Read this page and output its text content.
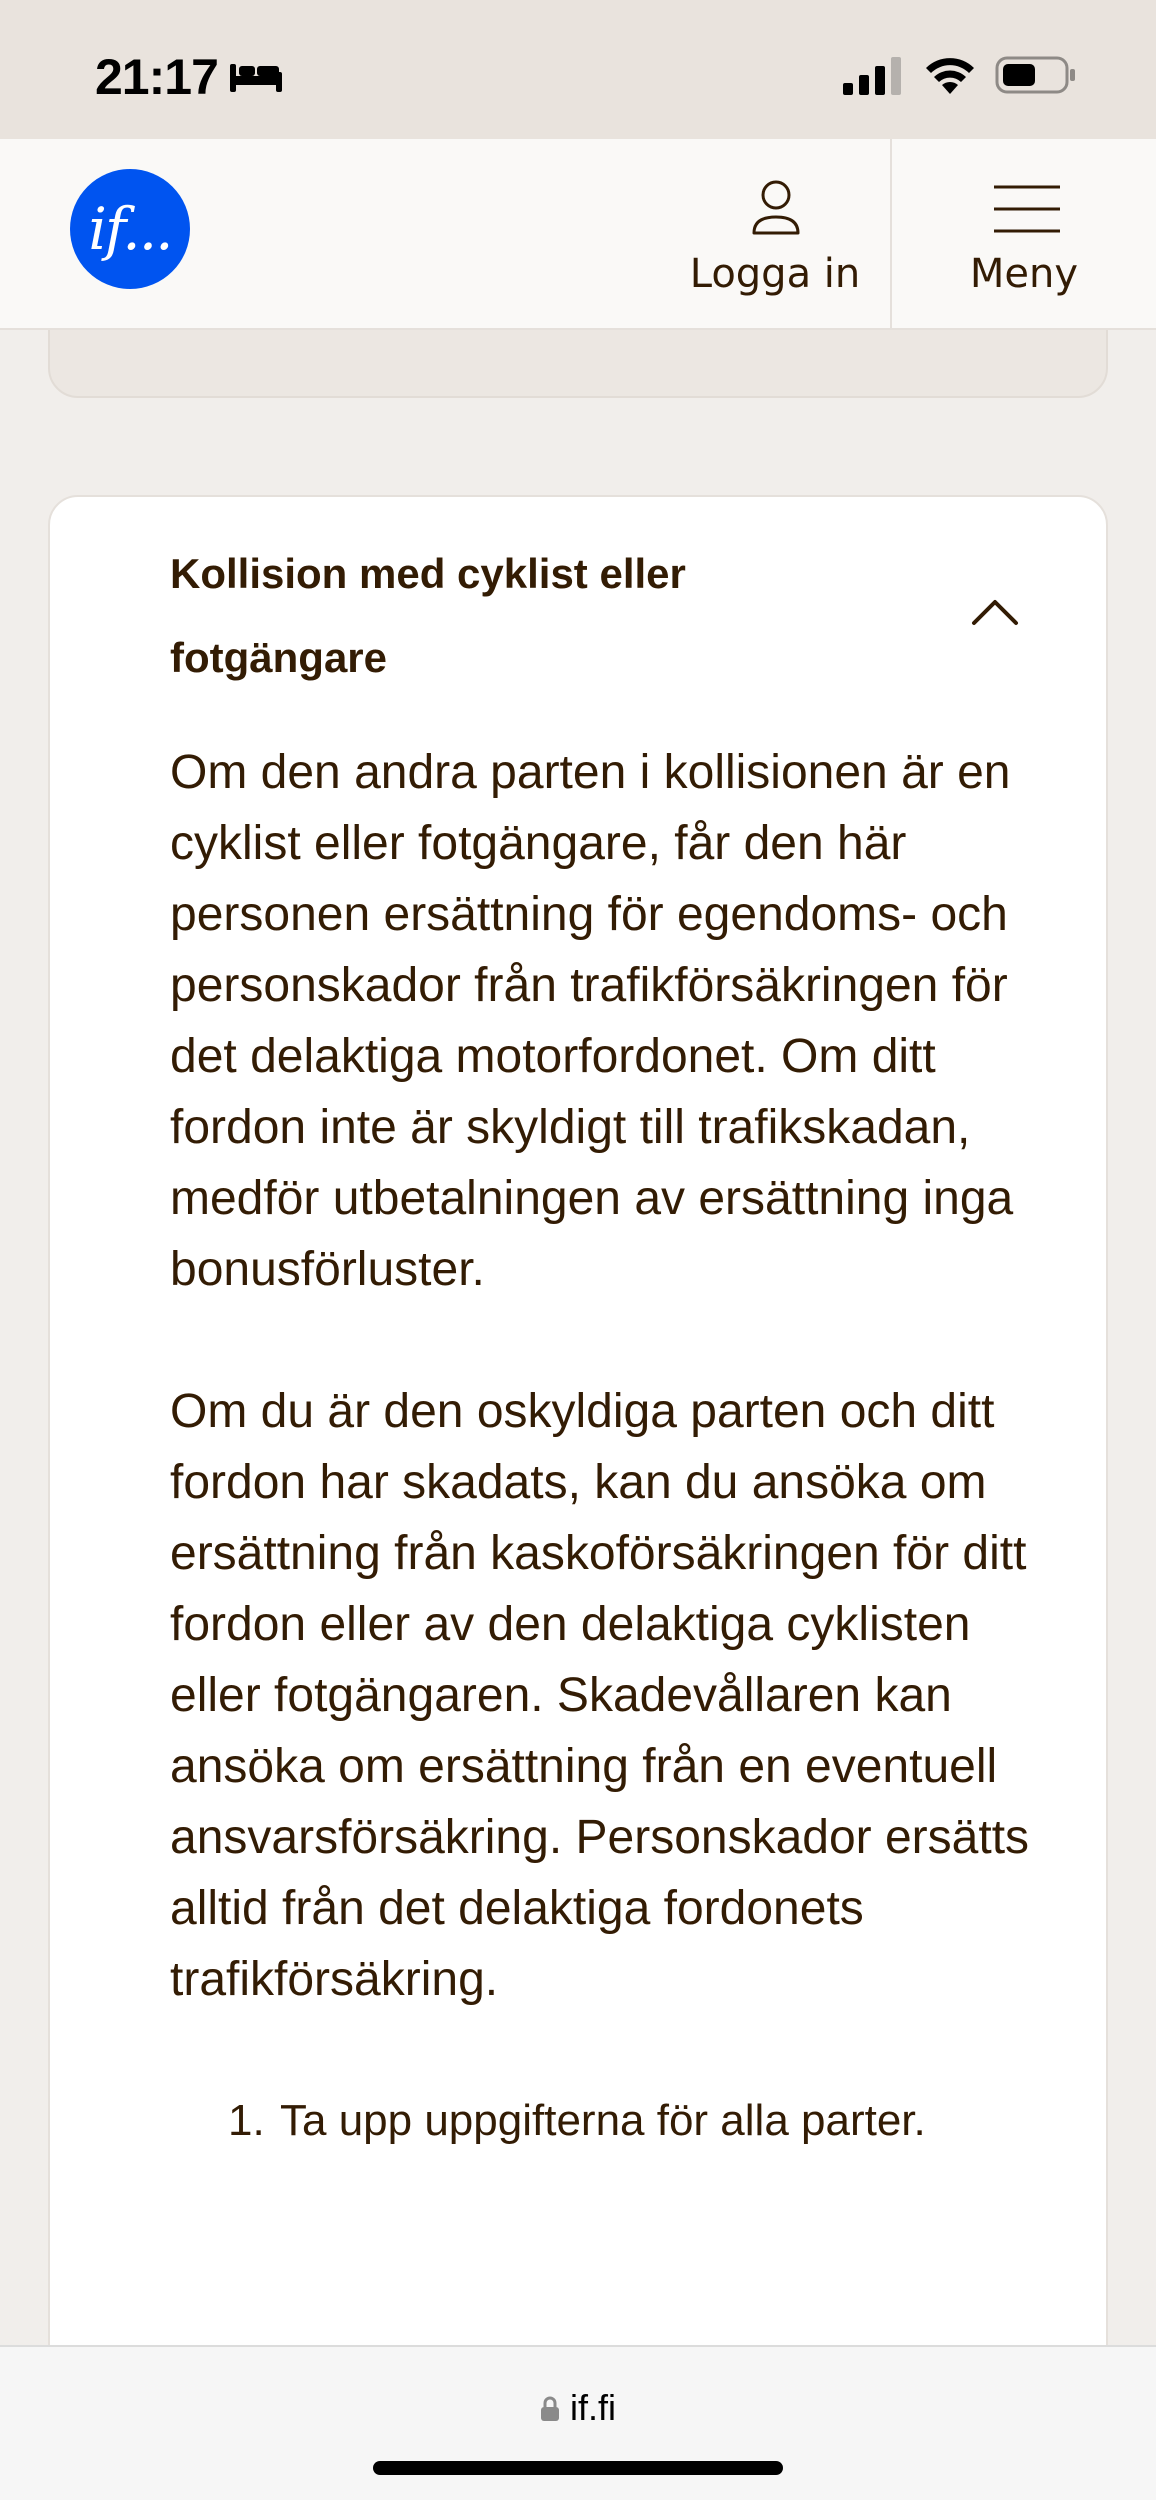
21:17
if...
Logga in	Meny
Kollision med cyklist eller fotgängare

Om den andra parten i kollisionen är en cyklist eller fotgängare, får den här personen ersättning för egendoms- och personskador från trafikförsäkringen för det delaktiga motorfordonet. Om ditt fordon inte är skyldigt till trafikskadan, medför utbetalningen av ersättning inga bonusförluster.

Om du är den oskyldiga parten och ditt fordon har skadats, kan du ansöka om ersättning från kaskoförsäkringen för ditt fordon eller av den delaktiga cyklisten eller fotgängaren. Skadevållaren kan ansöka om ersättning från en eventuell ansvarsförsäkring. Personskador ersätts alltid från det delaktiga fordonets trafikförsäkring.

1. Ta upp uppgifterna för alla parter.
if.fi
